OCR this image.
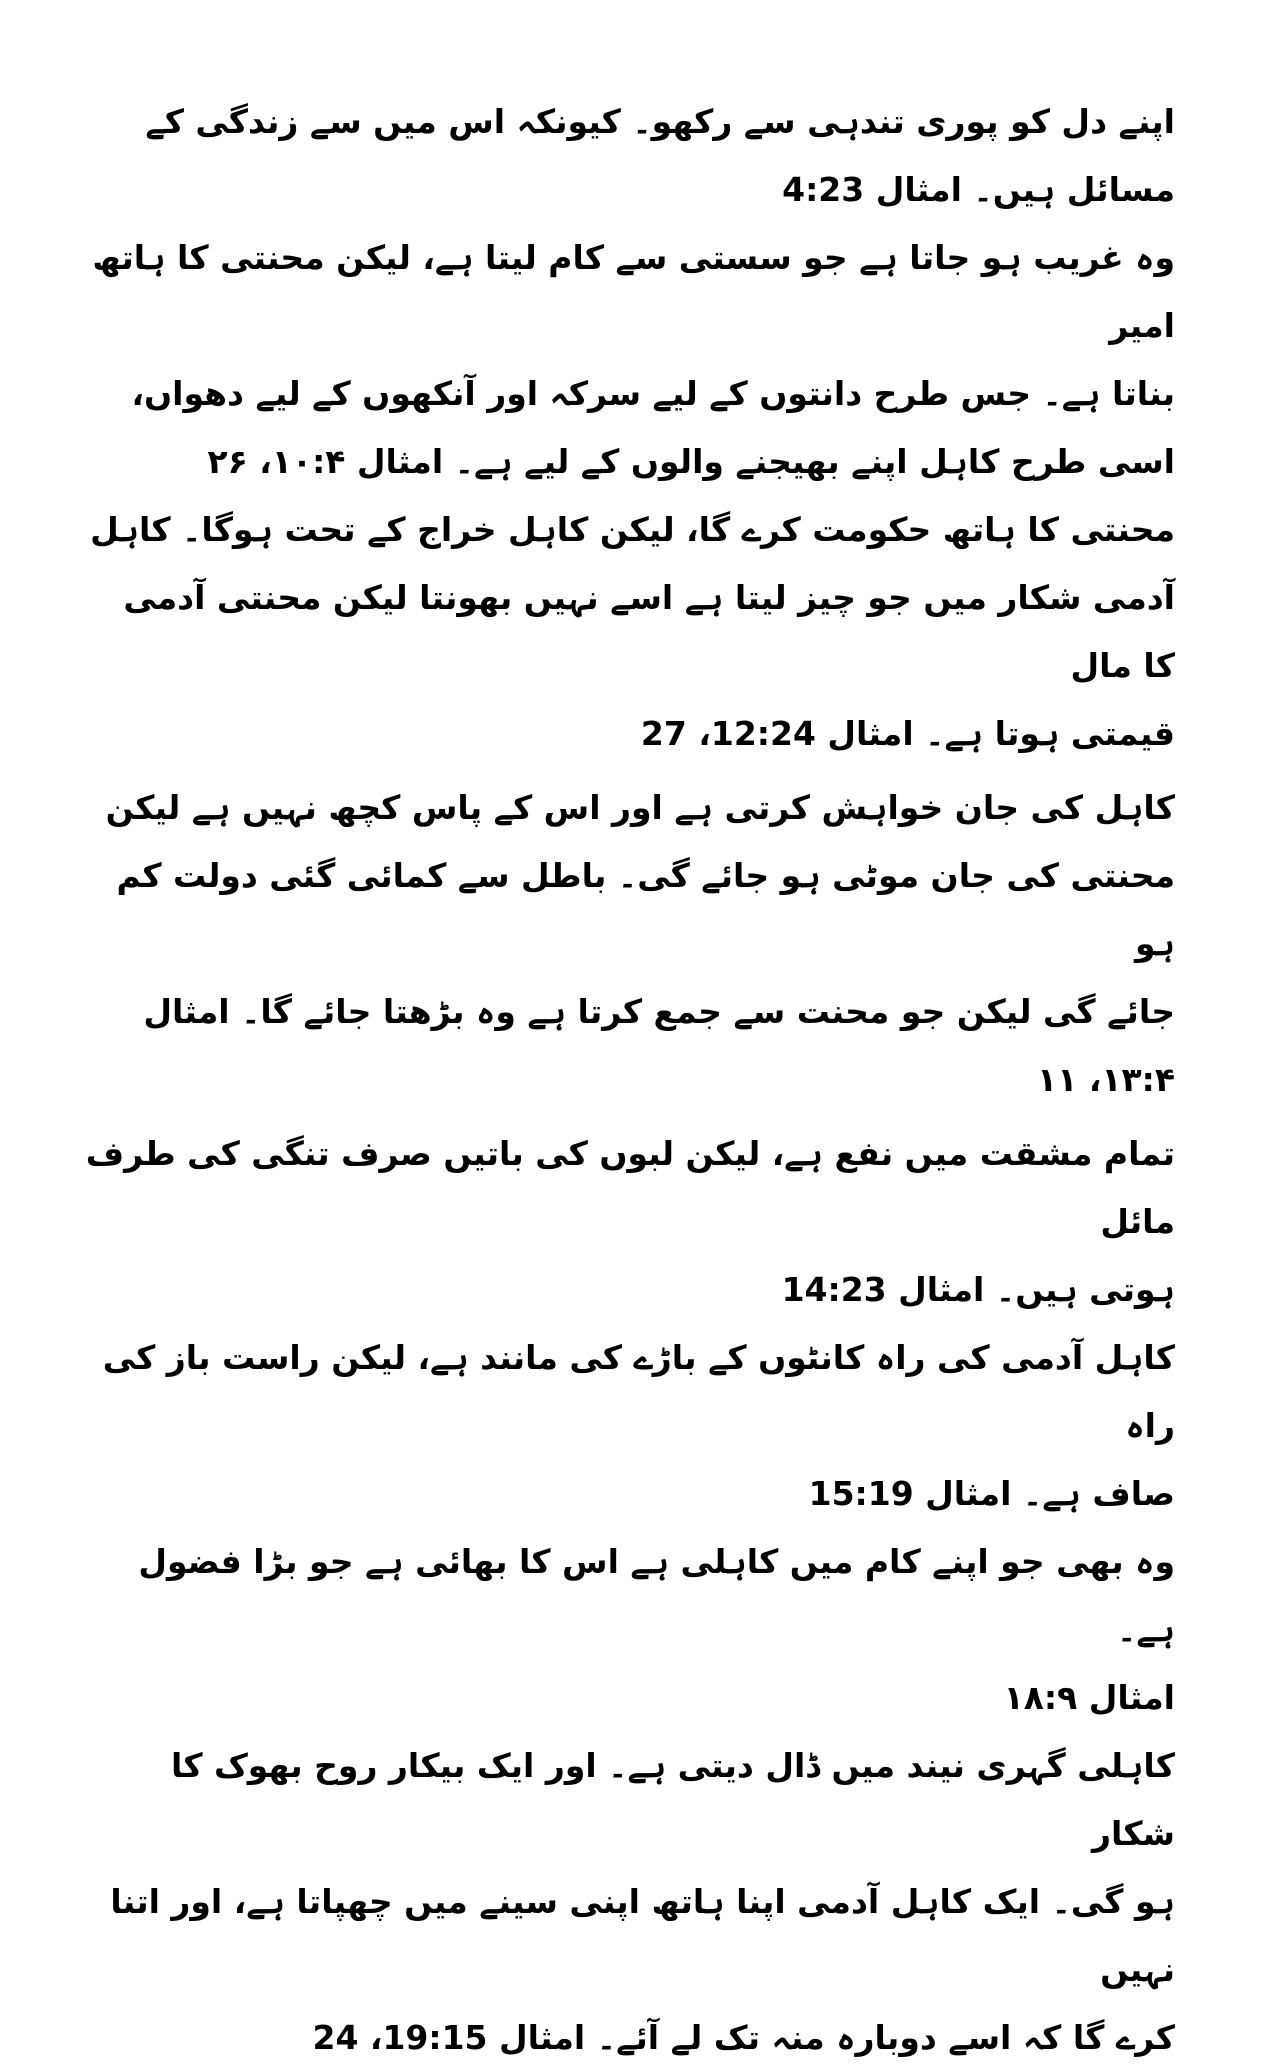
اپنے دل کو پوری تندہی سے رکھو۔ کیونکہ اس میں سے زندگی کے
مسائل ہیں۔ امثال 4:23

وہ غریب ہو جاتا ہے جو سستی سے کام لیتا ہے، لیکن محنتی کا ہاتھ امیر
بناتا ہے۔ جس طرح دانتوں کے لیے سرکہ اور آنکھوں کے لیے دھواں،
اسی طرح کاہل اپنے بھیجنے والوں کے لیے ہے۔ امثال ۱۰:۴، ۲۶

محنتی کا ہاتھ حکومت کرے گا، لیکن کاہل خراج کے تحت ہوگا۔ کاہل
آدمی شکار میں جو چیز لیتا ہے اسے نہیں بھونتا لیکن محنتی آدمی کا مال
قیمتی ہوتا ہے۔ امثال 12:24، 27

کاہل کی جان خواہش کرتی ہے اور اس کے پاس کچھ نہیں ہے لیکن
محنتی کی جان موٹی ہو جائے گی۔ باطل سے کمائی گئی دولت کم ہو
جائے گی لیکن جو محنت سے جمع کرتا ہے وہ بڑھتا جائے گا۔ امثال
۱۳:۴، ۱۱

تمام مشقت میں نفع ہے، لیکن لبوں کی باتیں صرف تنگی کی طرف مائل
ہوتی ہیں۔ امثال 14:23

کاہل آدمی کی راہ کانٹوں کے باڑے کی مانند ہے، لیکن راست باز کی راہ
صاف ہے۔ امثال 15:19

وہ بھی جو اپنے کام میں کاہلی ہے اس کا بھائی ہے جو بڑا فضول ہے۔
امثال ۱۸:۹

کاہلی گہری نیند میں ڈال دیتی ہے۔ اور ایک بیکار روح بھوک کا شکار
ہو گی۔ ایک کاہل آدمی اپنا ہاتھ اپنی سینے میں چھپاتا ہے، اور اتنا نہیں
کرے گا کہ اسے دوبارہ منہ تک لے آئے۔ امثال 19:15، 24
